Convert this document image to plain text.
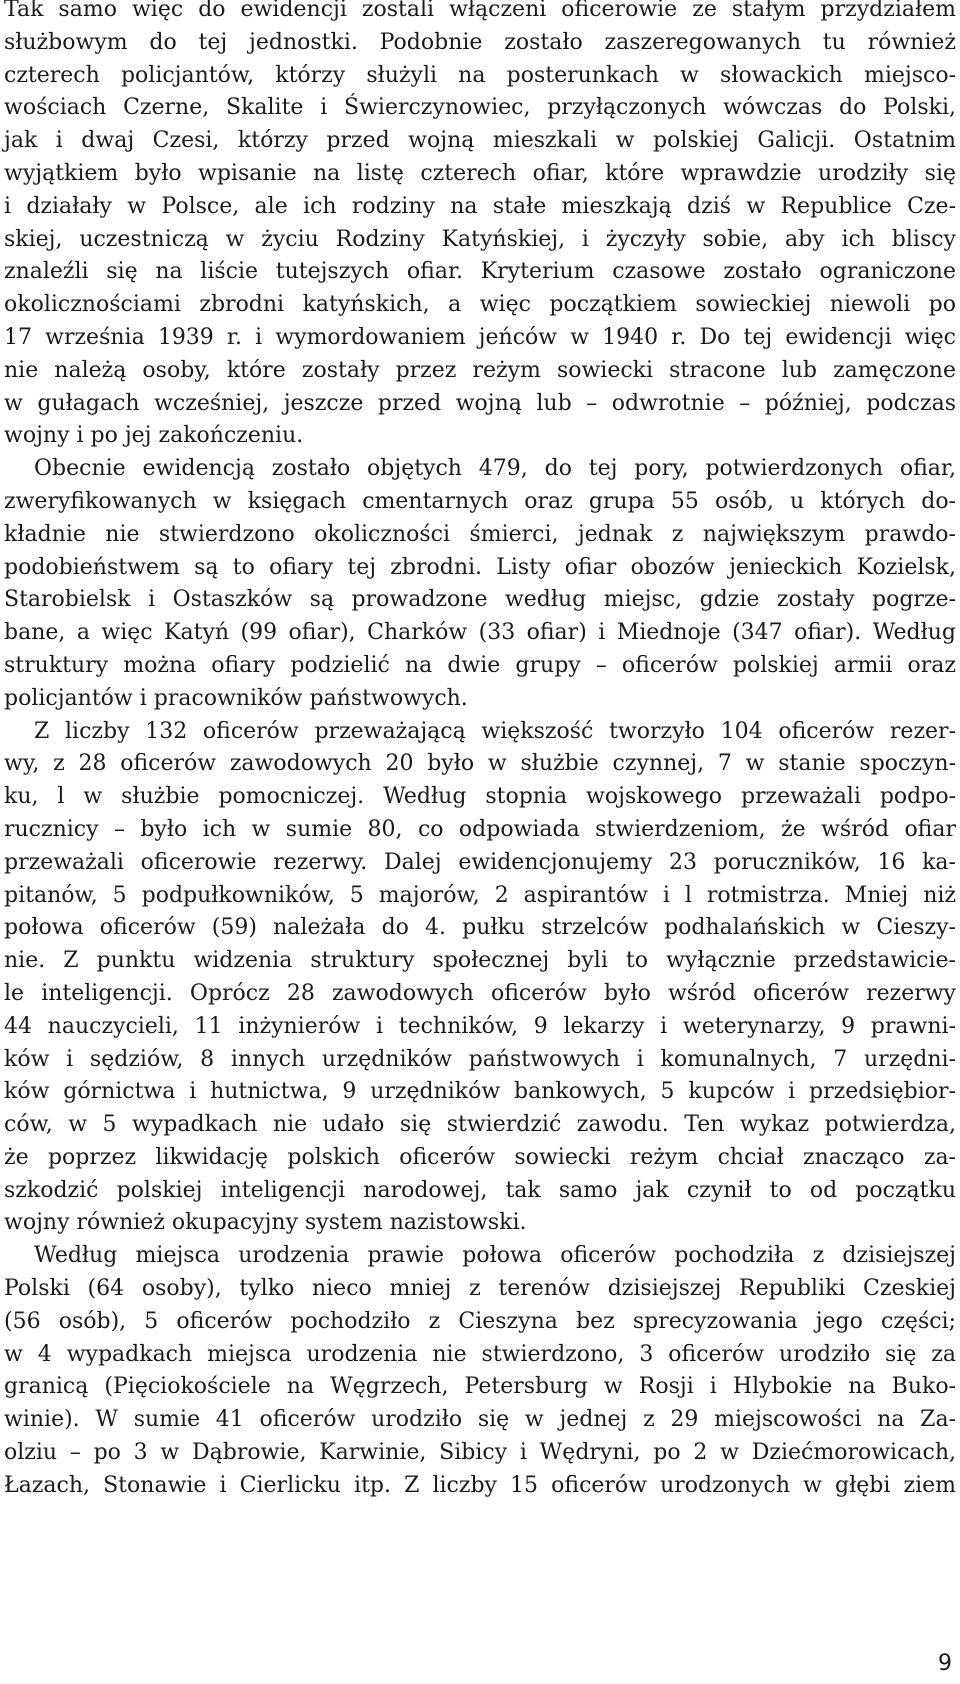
Tak samo więc do ewidencji zostali włączeni oficerowie ze stałym przydziałem
służbowym do tej jednostki. Podobnie zostało zaszeregowanych tu również
czterech policjantów, którzy służyli na posterunkach w słowackich miejsco-
wościach Czerne, Skalite i Świerczynowiec, przyłączonych wówczas do Polski,
jak i dwaj Czesi, którzy przed wojną mieszkali w polskiej Galicji. Ostatnim
wyjątkiem było wpisanie na listę czterech ofiar, które wprawdzie urodziły się
i działały w Polsce, ale ich rodziny na stałe mieszkają dziś w Republice Cze-
skiej, uczestniczą w życiu Rodziny Katyńskiej, i życzyły sobie, aby ich bliscy
znaleźli się na liście tutejszych ofiar. Kryterium czasowe zostało ograniczone
okolicznościami zbrodni katyńskich, a więc początkiem sowieckiej niewoli po
17 września 1939 r. i wymordowaniem jeńców w 1940 r. Do tej ewidencji więc
nie należą osoby, które zostały przez reżym sowiecki stracone lub zamęczone
w gułagach wcześniej, jeszcze przed wojną lub – odwrotnie – później, podczas
wojny i po jej zakończeniu.
Obecnie ewidencją zostało objętych 479, do tej pory, potwierdzonych ofiar,
zweryfikowanych w księgach cmentarnych oraz grupa 55 osób, u których do-
kładnie nie stwierdzono okoliczności śmierci, jednak z największym prawdo-
podobieństwem są to ofiary tej zbrodni. Listy ofiar obozów jenieckich Kozielsk,
Starobielsk i Ostaszków są prowadzone według miejsc, gdzie zostały pogrze-
bane, a więc Katyń (99 ofiar), Charków (33 ofiar) i Miednoje (347 ofiar). Według
struktury można ofiary podzielić na dwie grupy – oficerów polskiej armii oraz
policjantów i pracowników państwowych.
Z liczby 132 oficerów przeważającą większość tworzyło 104 oficerów rezer-
wy, z 28 oficerów zawodowych 20 było w służbie czynnej, 7 w stanie spoczyn-
ku, l w służbie pomocniczej. Według stopnia wojskowego przeważali podpo-
rucznicy – było ich w sumie 80, co odpowiada stwierdzeniom, że wśród ofiar
przeważali oficerowie rezerwy. Dalej ewidencjonujemy 23 poruczników, 16 ka-
pitanów, 5 podpułkowników, 5 majorów, 2 aspirantów i l rotmistrza. Mniej niż
połowa oficerów (59) należała do 4. pułku strzelców podhalańskich w Cieszy-
nie. Z punktu widzenia struktury społecznej byli to wyłącznie przedstawicie-
le inteligencji. Oprócz 28 zawodowych oficerów było wśród oficerów rezerwy
44 nauczycieli, 11 inżynierów i techników, 9 lekarzy i weterynarzy, 9 prawni-
ków i sędziów, 8 innych urzędników państwowych i komunalnych, 7 urzędni-
ków górnictwa i hutnictwa, 9 urzędników bankowych, 5 kupców i przedsiębior-
ców, w 5 wypadkach nie udało się stwierdzić zawodu. Ten wykaz potwierdza,
że poprzez likwidację polskich oficerów sowiecki reżym chciał znacząco za-
szkodzić polskiej inteligencji narodowej, tak samo jak czynił to od początku
wojny również okupacyjny system nazistowski.
Według miejsca urodzenia prawie połowa oficerów pochodziła z dzisiejszej
Polski (64 osoby), tylko nieco mniej z terenów dzisiejszej Republiki Czeskiej
(56 osób), 5 oficerów pochodziło z Cieszyna bez sprecyzowania jego części;
w 4 wypadkach miejsca urodzenia nie stwierdzono, 3 oficerów urodziło się za
granicą (Pięciokościele na Węgrzech, Petersburg w Rosji i Hlybokie na Buko-
winie). W sumie 41 oficerów urodziło się w jednej z 29 miejscowości na Za-
olziu – po 3 w Dąbrowie, Karwinie, Sibicy i Wędryni, po 2 w Dziećmorowicach,
Łazach, Stonawie i Cierlicku itp. Z liczby 15 oficerów urodzonych w głębi ziem
9
